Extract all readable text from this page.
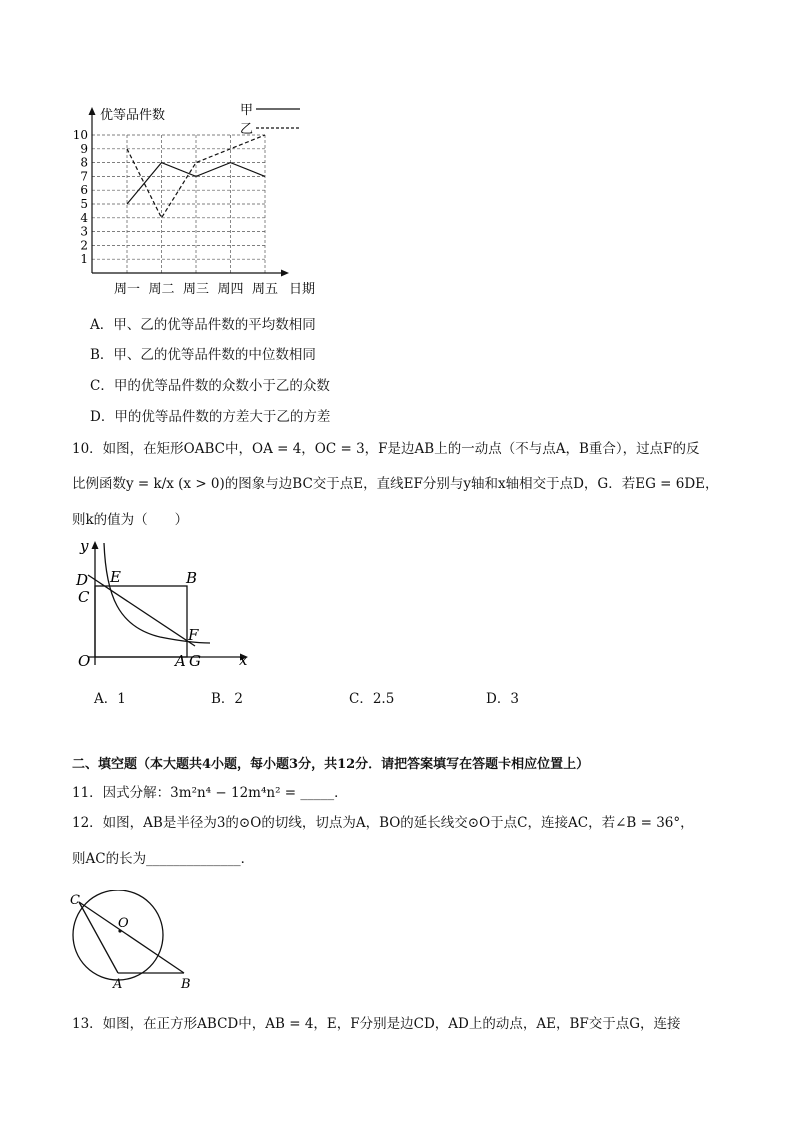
1
2
3
4
5
6
7
8
9
10
周一 周二 周三 周四 周五
优等品件数
日期
甲
乙
A．甲、乙的优等品件数的平均数相同
B．甲、乙的优等品件数的中位数相同
C．甲的优等品件数的众数小于乙的众数
D．甲的优等品件数的方差大于乙的方差
10．如图，在矩形OABC中，OA = 4，OC = 3，F是边AB上的一动点（不与点A，B重合），过点F的反
比例函数y = k/x (x > 0)的图象与边BC交于点E，直线EF分别与y轴和x轴相交于点D，G．若EG = 6DE，
则k的值为（　　）
y
D E	B
C
F
O	A G	x
A．1	B．2	C．2.5	D．3
二、填空题（本大题共4小题，每小题3分，共12分．请把答案填写在答题卡相应位置上）
11．因式分解：3m²n⁴ − 12m⁴n² = _____．
12．如图，AB是半径为3的⊙O的切线，切点为A，BO的延长线交⊙O于点C，连接AC，若∠B = 36°，
则AC的长为______________．
C
O
A	B
13．如图，在正方形ABCD中，AB = 4，E，F分别是边CD，AD上的动点，AE，BF交于点G，连接
